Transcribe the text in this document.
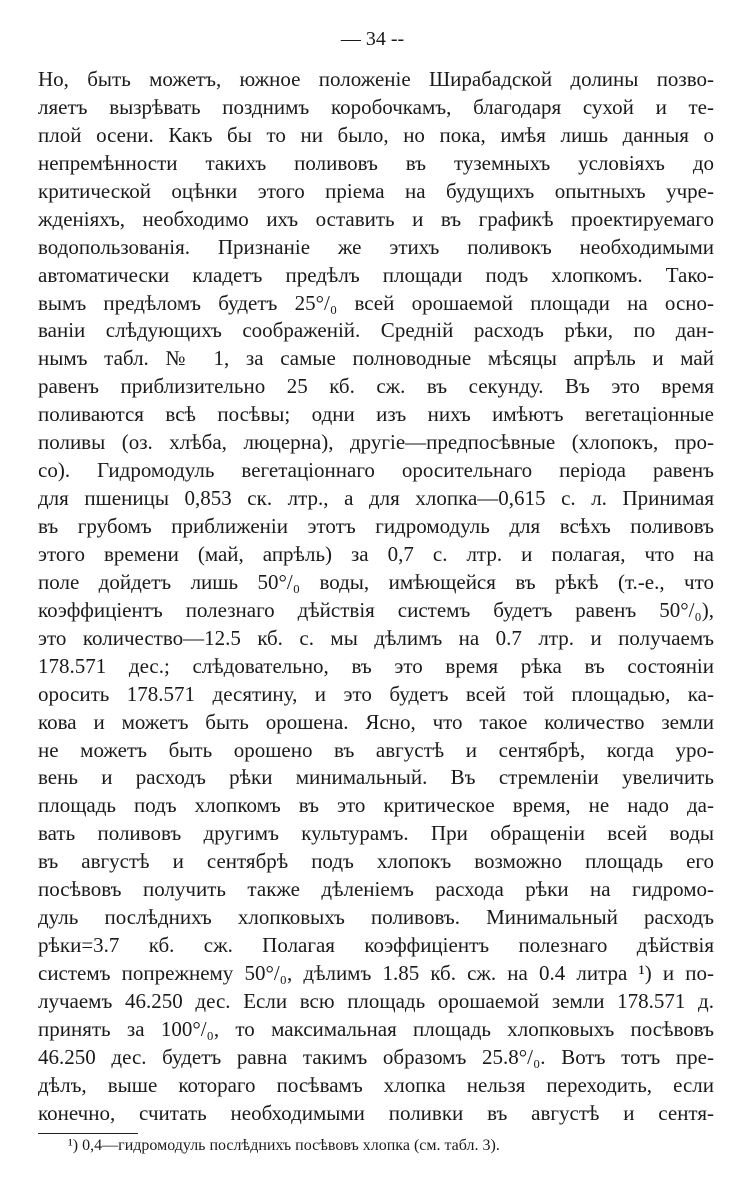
— 34 --
Но, быть можетъ, южное положеніе Ширабадской долины позво-
ляетъ вызрѣвать позднимъ коробочкамъ, благодаря сухой и те-
плой осени. Какъ бы то ни было, но пока, имѣя лишь данныя о
непремѣнности такихъ поливовъ въ туземныхъ условіяхъ до
критической оцѣнки этого пріема на будущихъ опытныхъ учре-
жденіяхъ, необходимо ихъ оставить и въ графикѣ проектируемаго
водопользованія. Признаніе же этихъ поливокъ необходимыми
автоматически кладетъ предѣлъ площади подъ хлопкомъ. Тако-
вымъ предѣломъ будетъ 25°/₀ всей орошаемой площади на осно-
ваніи слѣдующихъ соображеній. Средній расходъ рѣки, по дан-
нымъ табл. № 1, за самые полноводные мѣсяцы апрѣль и май
равенъ приблизительно 25 кб. сж. въ секунду. Въ это время
поливаются всѣ посѣвы; одни изъ нихъ имѣютъ вегетаціонные
поливы (оз. хлѣба, люцерна), другіе—предпосѣвные (хлопокъ, про-
со). Гидромодуль вегетаціоннаго оросительнаго періода равенъ
для пшеницы 0,853 ск. лтр., а для хлопка—0,615 с. л. Принимая
въ грубомъ приближеніи этотъ гидромодуль для всѣхъ поливовъ
этого времени (май, апрѣль) за 0,7 с. лтр. и полагая, что на
поле дойдетъ лишь 50°/₀ воды, имѣющейся въ рѣкѣ (т.-е., что
коэффиціентъ полезнаго дѣйствія системъ будетъ равенъ 50°/₀),
это количество—12.5 кб. с. мы дѣлимъ на 0.7 лтр. и получаемъ
178.571 дес.; слѣдовательно, въ это время рѣка въ состояніи
оросить 178.571 десятину, и это будетъ всей той площадью, ка-
кова и можетъ быть орошена. Ясно, что такое количество земли
не можетъ быть орошено въ августѣ и сентябрѣ, когда уро-
вень и расходъ рѣки минимальный. Въ стремленіи увеличить
площадь подъ хлопкомъ въ это критическое время, не надо да-
вать поливовъ другимъ культурамъ. При обращеніи всей воды
въ августѣ и сентябрѣ подъ хлопокъ возможно площадь его
посѣвовъ получить также дѣленіемъ расхода рѣки на гидромо-
дуль послѣднихъ хлопковыхъ поливовъ. Минимальный расходъ
рѣки=3.7 кб. сж. Полагая коэффиціентъ полезнаго дѣйствія
системъ попрежнему 50°/₀, дѣлимъ 1.85 кб. сж. на 0.4 литра ¹) и по-
лучаемъ 46.250 дес. Если всю площадь орошаемой земли 178.571 д.
принять за 100°/₀, то максимальная площадь хлопковыхъ посѣвовъ
46.250 дес. будетъ равна такимъ образомъ 25.8°/₀. Вотъ тотъ пре-
дѣлъ, выше котораго посѣвамъ хлопка нельзя переходить, если
конечно, считать необходимыми поливки въ августѣ и сентя-
¹) 0,4—гидромодуль послѣднихъ посѣвовъ хлопка (см. табл. 3).
